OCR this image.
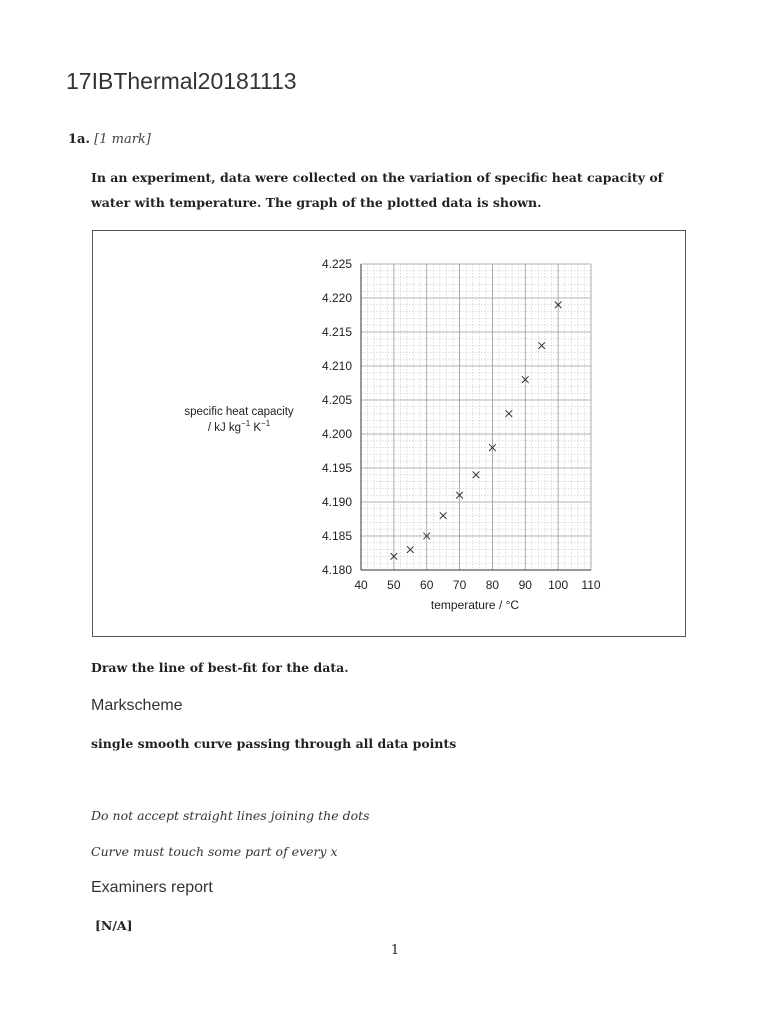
17IBThermal20181113
1a. [1 mark]
In an experiment, data were collected on the variation of specific heat capacity of water with temperature. The graph of the plotted data is shown.
4.180
4.185
4.190
4.195
4.200
4.205
4.210
4.215
4.220
4.225
40 50 60 70 80 90 100 110
specific heat capacity
/ kJ $kg^{-1}$ $K^{-1}$
temperature / °C
Draw the line of best-fit for the data.
Markscheme
single smooth curve passing through all data points
Do not accept straight lines joining the dots
Curve must touch some part of every x
Examiners report
[N/A]
1
